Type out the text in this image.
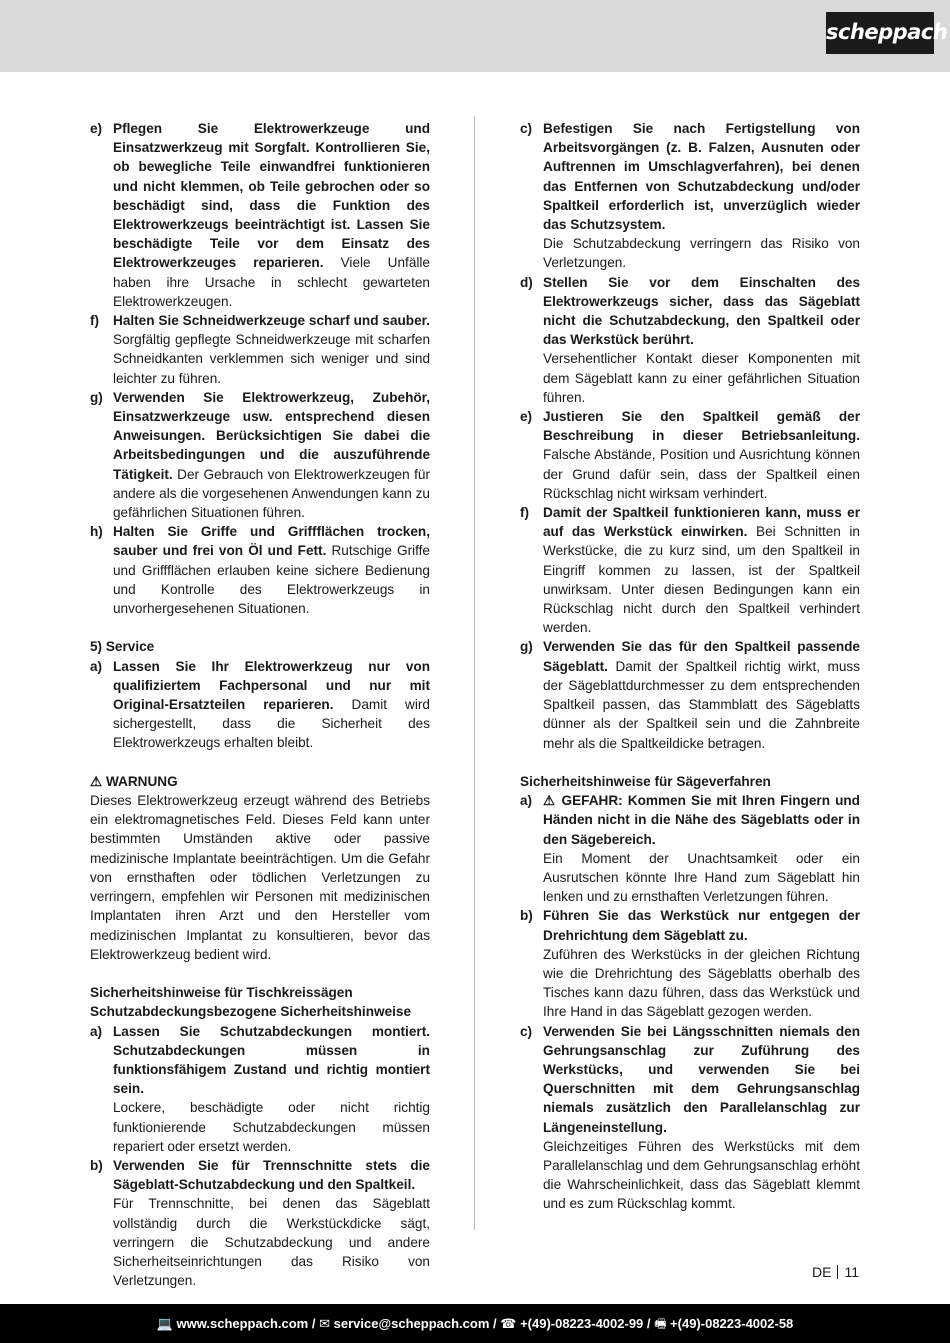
scheppach
e) Pflegen Sie Elektrowerkzeuge und Einsatzwerkzeug mit Sorgfalt. Kontrollieren Sie, ob bewegliche Teile einwandfrei funktionieren und nicht klemmen, ob Teile gebrochen oder so beschädigt sind, dass die Funktion des Elektrowerkzeugs beeinträchtigt ist. Lassen Sie beschädigte Teile vor dem Einsatz des Elektrowerkzeuges reparieren. Viele Unfälle haben ihre Ursache in schlecht gewarteten Elektrowerkzeugen.
f)	Halten Sie Schneidwerkzeuge scharf und sauber. Sorgfältig gepflegte Schneidwerkzeuge mit scharfen Schneidkanten verklemmen sich weniger und sind leichter zu führen.
g) Verwenden Sie Elektrowerkzeug, Zubehör, Einsatzwerkzeuge usw. entsprechend diesen Anweisungen. Berücksichtigen Sie dabei die Arbeitsbedingungen und die auszuführende Tätigkeit. Der Gebrauch von Elektrowerkzeugen für andere als die vorgesehenen Anwendungen kann zu gefährlichen Situationen führen.
h) Halten Sie Griffe und Griffflächen trocken, sauber und frei von Öl und Fett. Rutschige Griffe und Griffflächen erlauben keine sichere Bedienung und Kontrolle des Elektrowerkzeugs in unvorhergesehenen Situationen.
5) Service
a) Lassen Sie Ihr Elektrowerkzeug nur von qualifiziertem Fachpersonal und nur mit Original-Ersatzteilen reparieren. Damit wird sichergestellt, dass die Sicherheit des Elektrowerkzeugs erhalten bleibt.
⚠ WARNUNG
Dieses Elektrowerkzeug erzeugt während des Betriebs ein elektromagnetisches Feld. Dieses Feld kann unter bestimmten Umständen aktive oder passive medizinische Implantate beeinträchtigen. Um die Gefahr von ernsthaften oder tödlichen Verletzungen zu verringern, empfehlen wir Personen mit medizinischen Implantaten ihren Arzt und den Hersteller vom medizinischen Implantat zu konsultieren, bevor das Elektrowerkzeug bedient wird.
Sicherheitshinweise für Tischkreissägen
Schutzabdeckungsbezogene Sicherheitshinweise
a) Lassen Sie Schutzabdeckungen montiert. Schutzabdeckungen müssen in funktionsfähigem Zustand und richtig montiert sein.
Lockere, beschädigte oder nicht richtig funktionierende Schutzabdeckungen müssen repariert oder ersetzt werden.
b) Verwenden Sie für Trennschnitte stets die Sägeblatt-Schutzabdeckung und den Spaltkeil.
Für Trennschnitte, bei denen das Sägeblatt vollständig durch die Werkstückdicke sägt, verringern die Schutzabdeckung und andere Sicherheitseinrichtungen das Risiko von Verletzungen.
c) Befestigen Sie nach Fertigstellung von Arbeitsvorgängen (z. B. Falzen, Ausnuten oder Auftrennen im Umschlagverfahren), bei denen das Entfernen von Schutzabdeckung und/oder Spaltkeil erforderlich ist, unverzüglich wieder das Schutzsystem.
Die Schutzabdeckung verringern das Risiko von Verletzungen.
d) Stellen Sie vor dem Einschalten des Elektrowerkzeugs sicher, dass das Sägeblatt nicht die Schutzabdeckung, den Spaltkeil oder das Werkstück berührt.
Versehentlicher Kontakt dieser Komponenten mit dem Sägeblatt kann zu einer gefährlichen Situation führen.
e) Justieren Sie den Spaltkeil gemäß der Beschreibung in dieser Betriebsanleitung. Falsche Abstände, Position und Ausrichtung können der Grund dafür sein, dass der Spaltkeil einen Rückschlag nicht wirksam verhindert.
f)	Damit der Spaltkeil funktionieren kann, muss er auf das Werkstück einwirken. Bei Schnitten in Werkstücke, die zu kurz sind, um den Spaltkeil in Eingriff kommen zu lassen, ist der Spaltkeil unwirksam. Unter diesen Bedingungen kann ein Rückschlag nicht durch den Spaltkeil verhindert werden.
g) Verwenden Sie das für den Spaltkeil passende Sägeblatt. Damit der Spaltkeil richtig wirkt, muss der Sägeblattdurchmesser zu dem entsprechenden Spaltkeil passen, das Stammblatt des Sägeblatts dünner als der Spaltkeil sein und die Zahnbreite mehr als die Spaltkeildicke betragen.
Sicherheitshinweise für Sägeverfahren
a) ⚠ GEFAHR: Kommen Sie mit Ihren Fingern und Händen nicht in die Nähe des Sägeblatts oder in den Sägebereich.
Ein Moment der Unachtsamkeit oder ein Ausrutschen könnte Ihre Hand zum Sägeblatt hin lenken und zu ernsthaften Verletzungen führen.
b) Führen Sie das Werkstück nur entgegen der Drehrichtung dem Sägeblatt zu.
Zuführen des Werkstücks in der gleichen Richtung wie die Drehrichtung des Sägeblatts oberhalb des Tisches kann dazu führen, dass das Werkstück und Ihre Hand in das Sägeblatt gezogen werden.
c) Verwenden Sie bei Längsschnitten niemals den Gehrungsanschlag zur Zuführung des Werkstücks, und verwenden Sie bei Querschnitten mit dem Gehrungsanschlag niemals zusätzlich den Parallelanschlag zur Längeneinstellung.
Gleichzeitiges Führen des Werkstücks mit dem Parallelanschlag und dem Gehrungsanschlag erhöht die Wahrscheinlichkeit, dass das Sägeblatt klemmt und es zum Rückschlag kommt.
DE 11
💻 www.scheppach.com / ✉ service@scheppach.com / ☎ +(49)-08223-4002-99 / 🖷 +(49)-08223-4002-58
